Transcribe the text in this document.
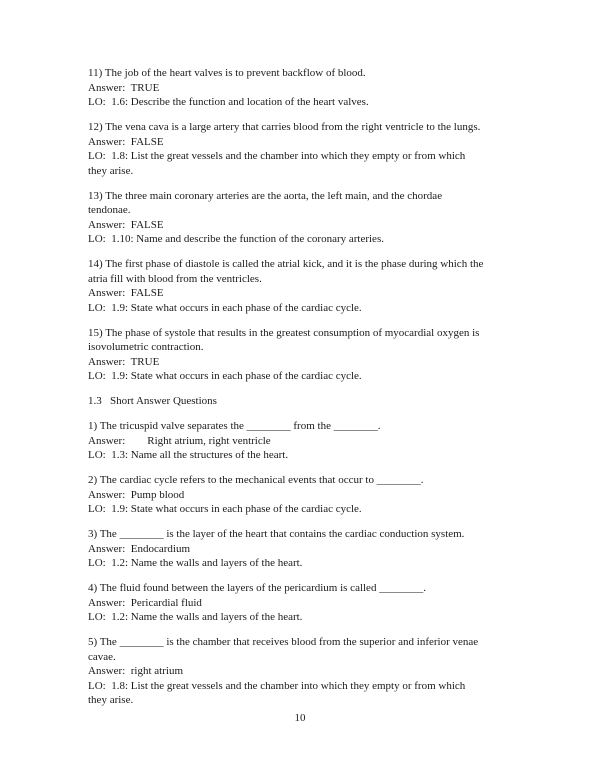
11) The job of the heart valves is to prevent backflow of blood.
Answer:  TRUE
LO:  1.6: Describe the function and location of the heart valves.
12) The vena cava is a large artery that carries blood from the right ventricle to the lungs.
Answer:  FALSE
LO:  1.8: List the great vessels and the chamber into which they empty or from which
they arise.
13) The three main coronary arteries are the aorta, the left main, and the chordae
tendonae.
Answer:  FALSE
LO:  1.10: Name and describe the function of the coronary arteries.
14) The first phase of diastole is called the atrial kick, and it is the phase during which the
atria fill with blood from the ventricles.
Answer:  FALSE
LO:  1.9: State what occurs in each phase of the cardiac cycle.
15) The phase of systole that results in the greatest consumption of myocardial oxygen is
isovolumetric contraction.
Answer:  TRUE
LO:  1.9: State what occurs in each phase of the cardiac cycle.
1.3   Short Answer Questions
1) The tricuspid valve separates the ________ from the ________.
Answer:        Right atrium, right ventricle
LO:  1.3: Name all the structures of the heart.
2) The cardiac cycle refers to the mechanical events that occur to ________.
Answer:  Pump blood
LO:  1.9: State what occurs in each phase of the cardiac cycle.
3) The ________ is the layer of the heart that contains the cardiac conduction system.
Answer:  Endocardium
LO:  1.2: Name the walls and layers of the heart.
4) The fluid found between the layers of the pericardium is called ________.
Answer:  Pericardial fluid
LO:  1.2: Name the walls and layers of the heart.
5) The ________ is the chamber that receives blood from the superior and inferior venae
cavae.
Answer:  right atrium
LO:  1.8: List the great vessels and the chamber into which they empty or from which
they arise.
10
